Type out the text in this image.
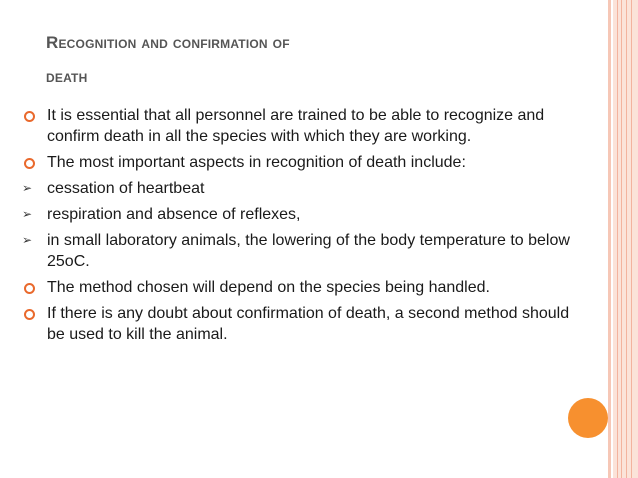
Recognition and confirmation of
death
It is essential that all personnel are trained to be able to recognize and confirm death in all the species with which they are working.
The most important aspects in recognition of death include:
➢ cessation of heartbeat
➢ respiration and absence of reflexes,
➢ in small laboratory animals, the lowering of the body temperature to below 25oC.
The method chosen will depend on the species being handled.
If there is any doubt about confirmation of death, a second method should be used to kill the animal.
